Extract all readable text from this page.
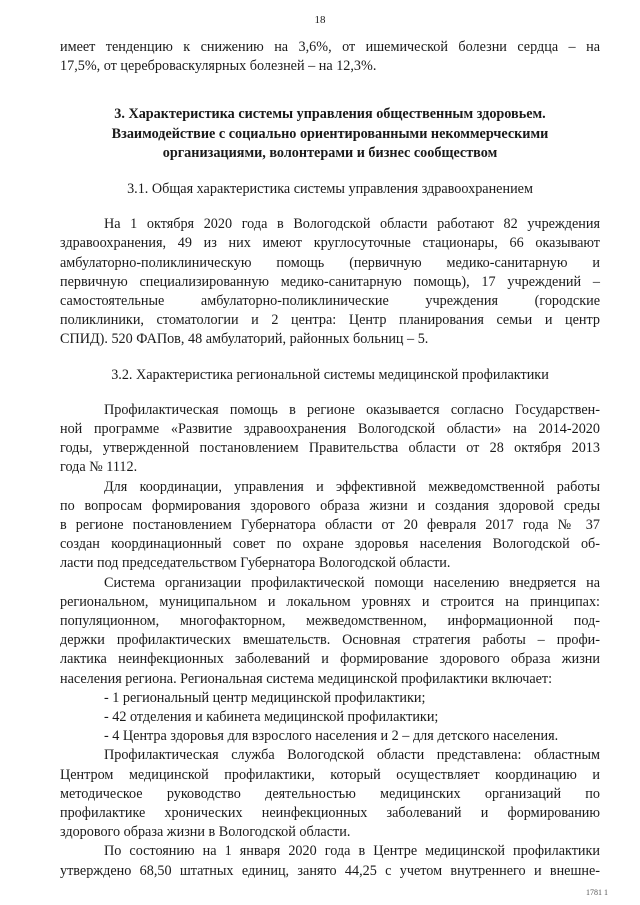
18

имеет тенденцию к снижению на 3,6%, от ишемической болезни сердца – на

17,5%, от цереброваскулярных болезней – на 12,3%.

3. Характеристика системы управления общественным здоровьем.

Взаимодействие с социально ориентированными некоммерческими

организациями, волонтерами и бизнес сообществом

3.1. Общая характеристика системы управления здравоохранением

На 1 октября 2020 года в Вологодской области работают 82 учреждения

здравоохранения, 49 из них имеют круглосуточные стационары, 66 оказывают

амбулаторно-поликлиническую помощь (первичную медико-санитарную и

первичную специализированную медико-санитарную помощь), 17 учреждений –

самостоятельные амбулаторно-поликлинические учреждения (городские

поликлиники, стоматологии и 2 центра: Центр планирования семьи и центр

СПИД). 520 ФАПов, 48 амбулаторий, районных больниц – 5.

3.2. Характеристика региональной системы медицинской профилактики

Профилактическая помощь в регионе оказывается согласно Государствен-

ной программе «Развитие здравоохранения Вологодской области» на 2014-2020

годы, утвержденной постановлением Правительства области от 28 октября 2013

года № 1112.

Для координации, управления и эффективной межведомственной работы

по вопросам формирования здорового образа жизни и создания здоровой среды

в регионе постановлением Губернатора области от 20 февраля 2017 года № 37

создан координационный совет по охране здоровья населения Вологодской об-

ласти под председательством Губернатора Вологодской области.

Система организации профилактической помощи населению внедряется на

региональном, муниципальном и локальном уровнях и строится на принципах:

популяционном, многофакторном, межведомственном, информационной под-

держки профилактических вмешательств. Основная стратегия работы – профи-

лактика неинфекционных заболеваний и формирование здорового образа жизни

населения региона. Региональная система медицинской профилактики включает:

- 1 региональный центр медицинской профилактики;

- 42 отделения и кабинета медицинской профилактики;

- 4 Центра здоровья для взрослого населения и 2 – для детского населения.

Профилактическая служба Вологодской области представлена: областным

Центром медицинской профилактики, который осуществляет координацию и

методическое руководство деятельностью медицинских организаций по

профилактике хронических неинфекционных заболеваний и формированию

здорового образа жизни в Вологодской области.

По состоянию на 1 января 2020 года в Центре медицинской профилактики

утверждено 68,50 штатных единиц, занято 44,25 с учетом внутреннего и внешне-

1781 1
